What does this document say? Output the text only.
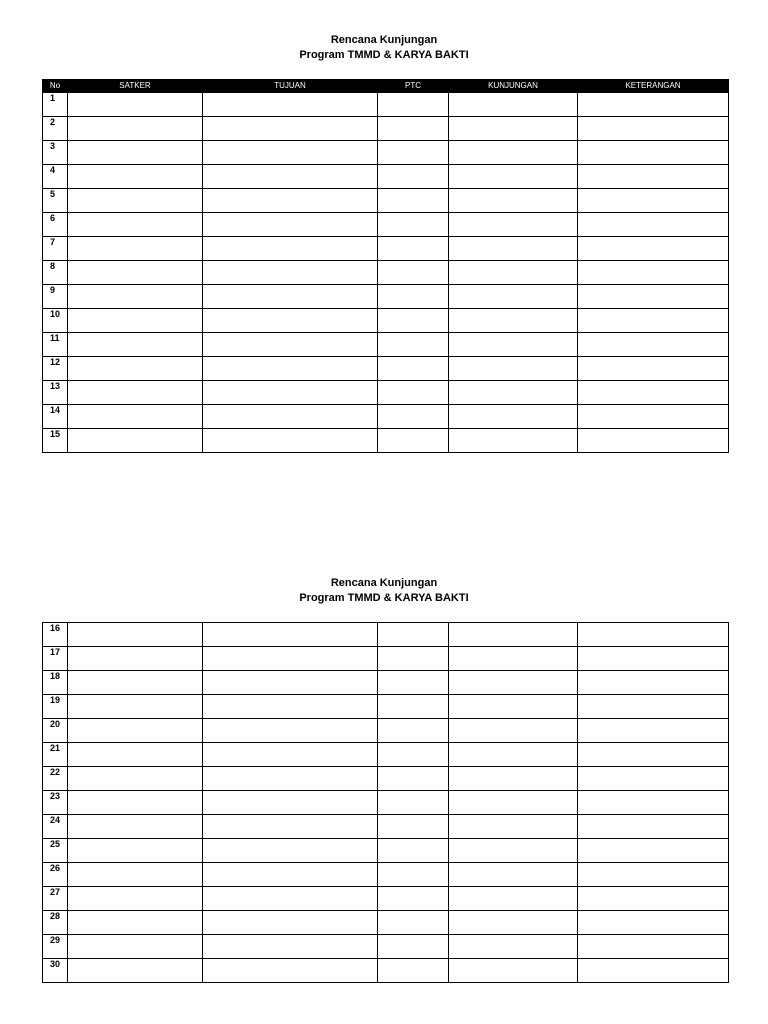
Rencana Kunjungan
Program TMMD & KARYA BAKTI
No	SATKER	TUJUAN	PTC	KUNJUNGAN	KETERANGAN
1					
2					
3					
4					
5					
6					
7					
8					
9					
10					
11					
12					
13					
14					
15					
Rencana Kunjungan
Program TMMD & KARYA BAKTI
16					
17					
18					
19					
20					
21					
22					
23					
24					
25					
26					
27					
28					
29					
30					
